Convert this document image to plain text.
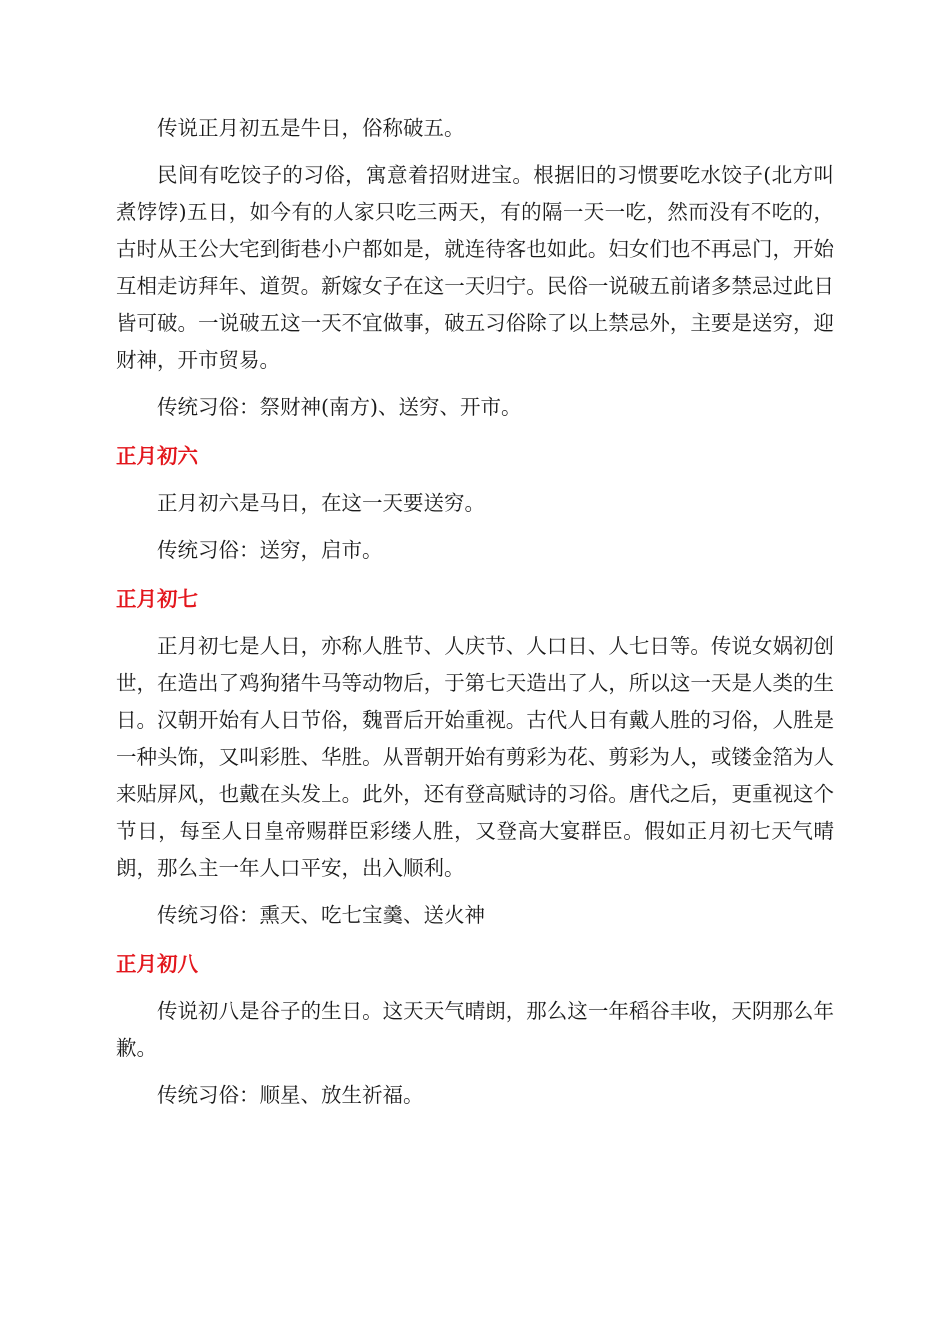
传说正月初五是牛日，俗称破五。

民间有吃饺子的习俗，寓意着招财进宝。根据旧的习惯要吃水饺子(北方叫煮饽饽)五日，如今有的人家只吃三两天，有的隔一天一吃，然而没有不吃的，古时从王公大宅到街巷小户都如是，就连待客也如此。妇女们也不再忌门，开始互相走访拜年、道贺。新嫁女子在这一天归宁。民俗一说破五前诸多禁忌过此日皆可破。一说破五这一天不宜做事，破五习俗除了以上禁忌外，主要是送穷，迎财神，开市贸易。

传统习俗：祭财神(南方)、送穷、开市。

正月初六

正月初六是马日，在这一天要送穷。

传统习俗：送穷，启市。

正月初七

正月初七是人日，亦称人胜节、人庆节、人口日、人七日等。传说女娲初创世，在造出了鸡狗猪牛马等动物后，于第七天造出了人，所以这一天是人类的生日。汉朝开始有人日节俗，魏晋后开始重视。古代人日有戴人胜的习俗，人胜是一种头饰，又叫彩胜、华胜。从晋朝开始有剪彩为花、剪彩为人，或镂金箔为人来贴屏风，也戴在头发上。此外，还有登高赋诗的习俗。唐代之后，更重视这个节日，每至人日皇帝赐群臣彩缕人胜，又登高大宴群臣。假如正月初七天气晴朗，那么主一年人口平安，出入顺利。

传统习俗：熏天、吃七宝羹、送火神

正月初八

传说初八是谷子的生日。这天天气晴朗，那么这一年稻谷丰收，天阴那么年歉。

传统习俗：顺星、放生祈福。
